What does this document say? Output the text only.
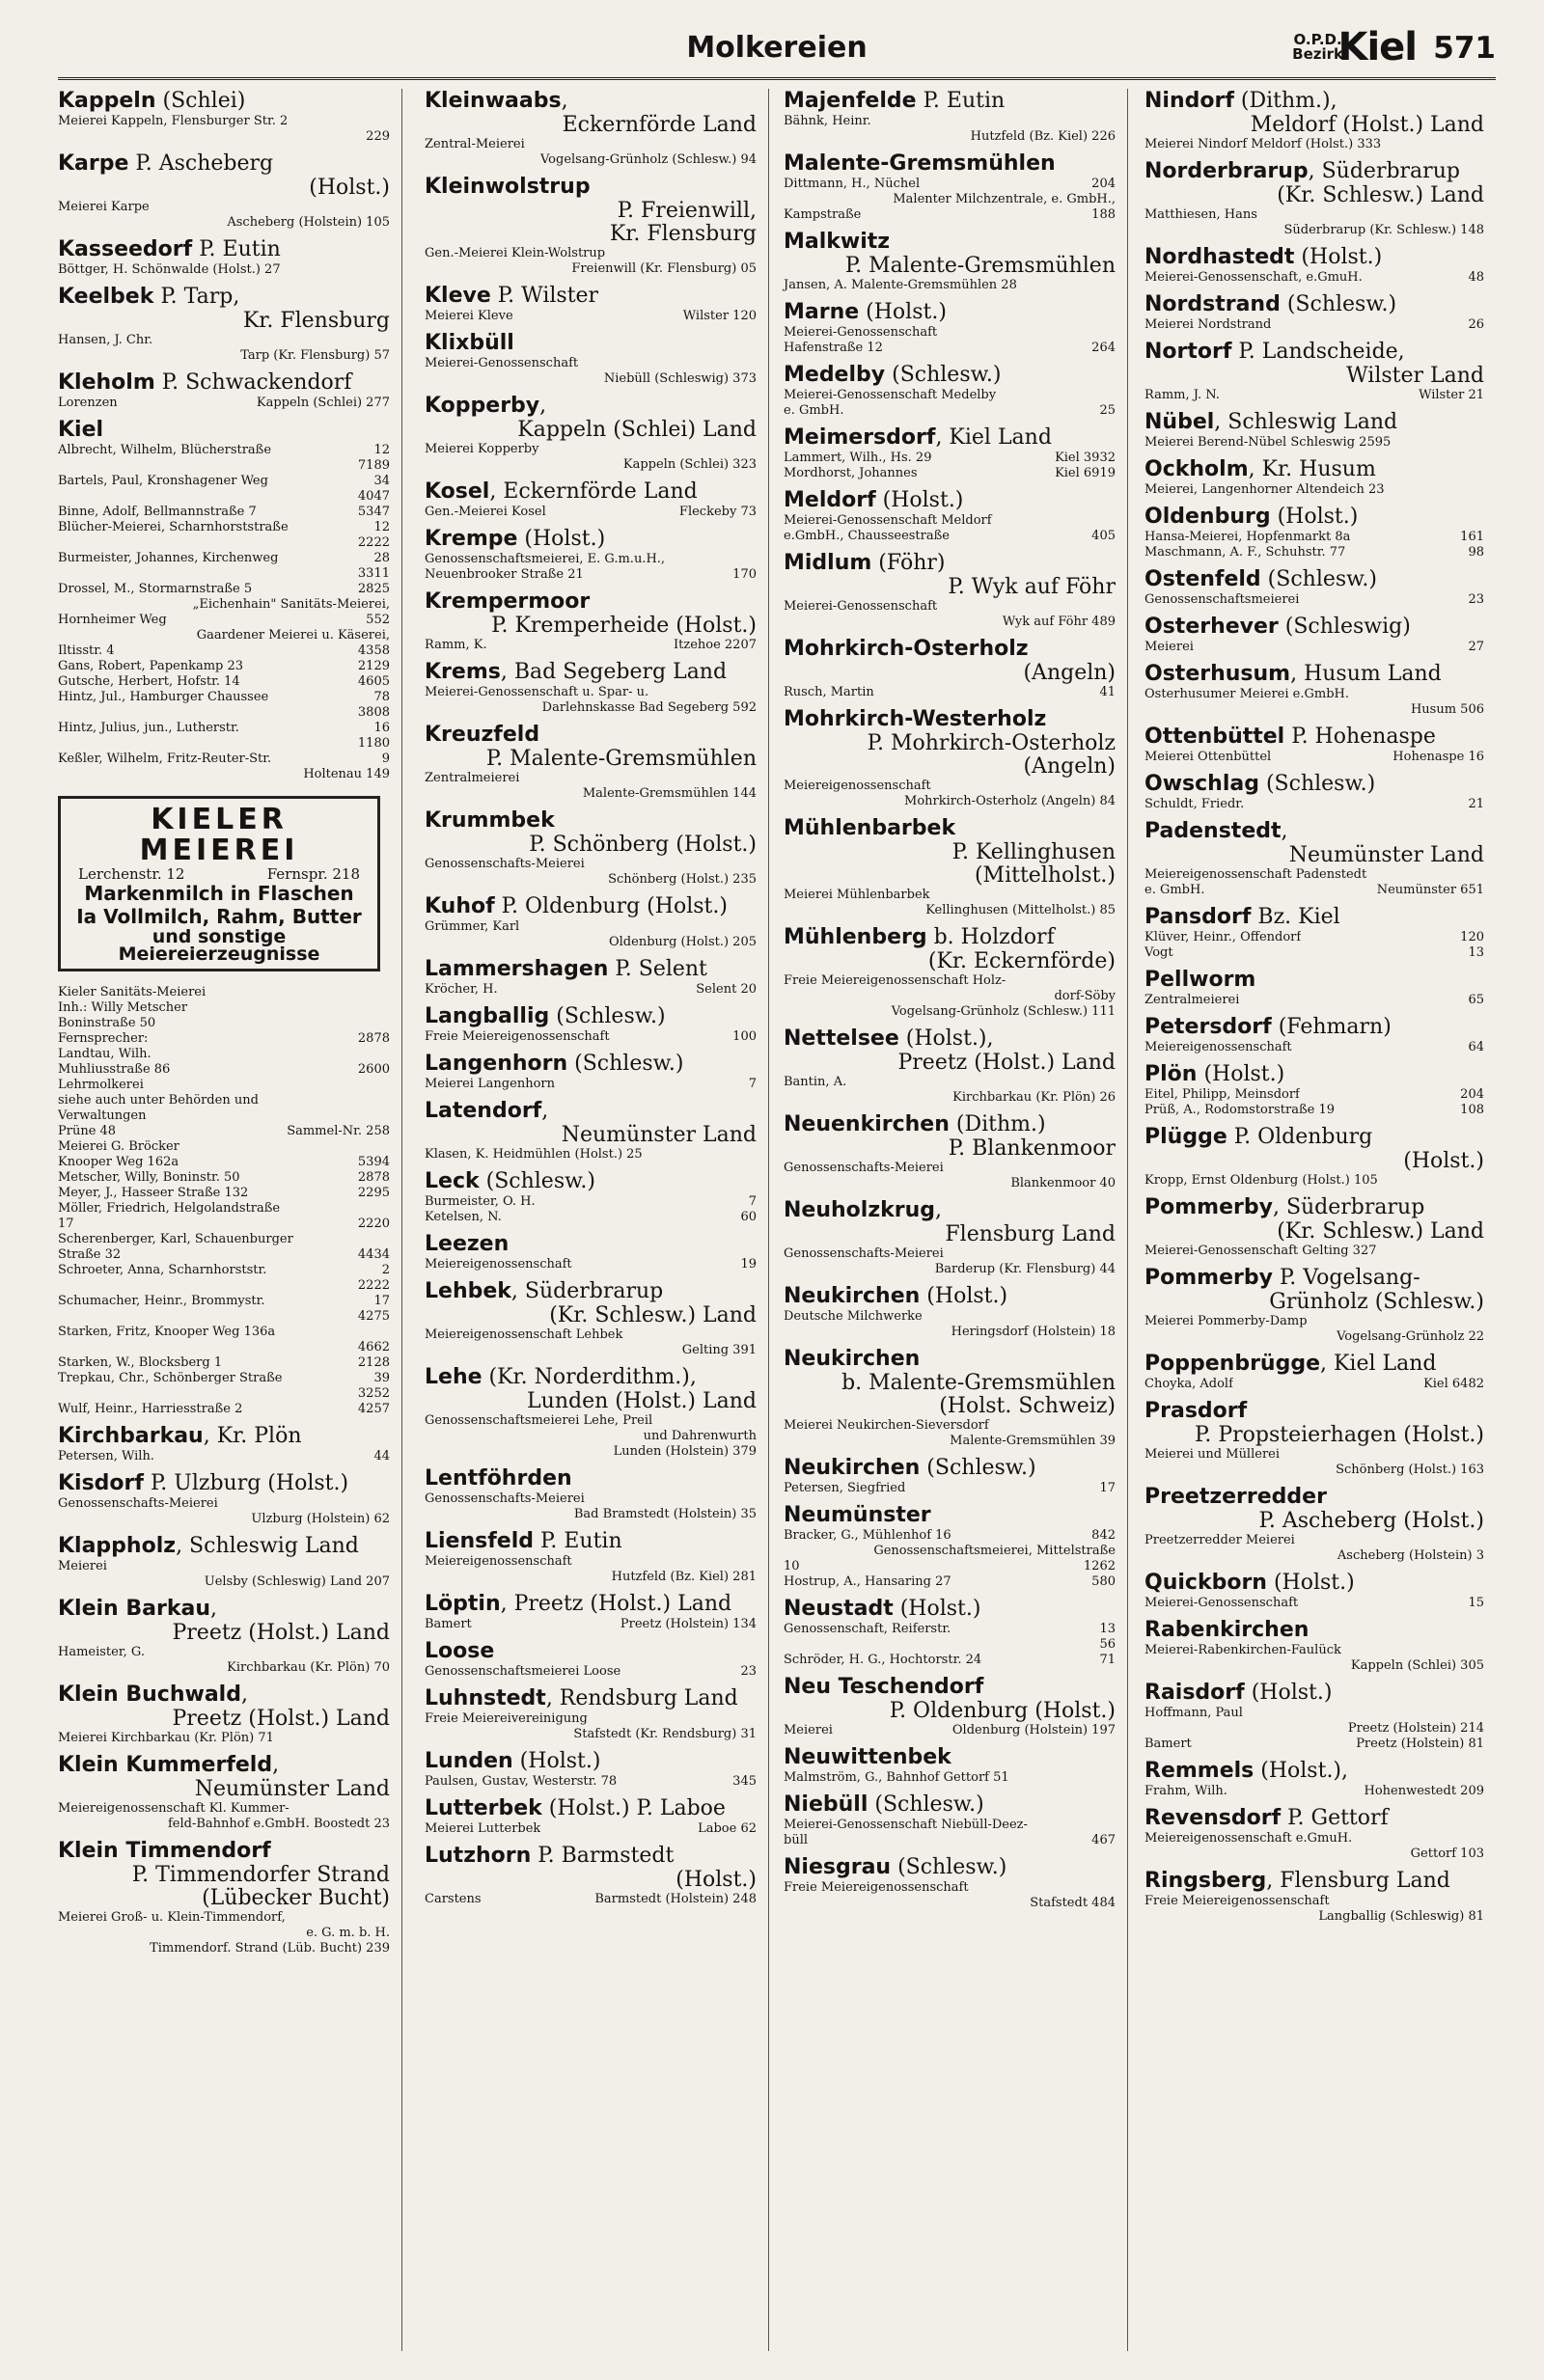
Molkereien	O.P.D.
Bezirk
Kiel 571
Kappeln (Schlei)
Meierei Kappeln, Flensburger Str. 2
229
Karpe P. Ascheberg
(Holst.)
Meierei Karpe
Ascheberg (Holstein) 105
Kasseedorf P. Eutin
Böttger, H. Schönwalde (Holst.) 27
Keelbek P. Tarp,
Kr. Flensburg
Hansen, J. Chr.
Tarp (Kr. Flensburg) 57
Kleholm P. Schwackendorf
Lorenzen	Kappeln (Schlei) 277
Kiel
Albrecht, Wilhelm, Blücherstraße	12
7189
Bartels, Paul, Kronshagener Weg	34
4047
Binne, Adolf, Bellmannstraße 7	5347
Blücher-Meierei, Scharnhorststraße	12
2222
Burmeister, Johannes, Kirchenweg	28
3311
Drossel, M., Stormarnstraße 5	2825
„Eichenhain" Sanitäts-Meierei,
Hornheimer Weg	552
Gaardener Meierei u. Käserei,
Iltisstr. 4	4358
Gans, Robert, Papenkamp 23	2129
Gutsche, Herbert, Hofstr. 14	4605
Hintz, Jul., Hamburger Chaussee	78
3808
Hintz, Julius, jun., Lutherstr.	16
1180
Keßler, Wilhelm, Fritz-Reuter-Str.	9
Holtenau 149
KIELER MEIEREI
Lerchenstr. 12	Fernspr. 218
Markenmilch in Flaschen
Ia Vollmilch, Rahm, Butter
und sonstige
Meiereierzeugnisse
Kieler Sanitäts-Meierei
Inh.: Willy Metscher
Boninstraße 50
Fernsprecher:	2878
Landtau, Wilh.
Muhliusstraße 86	2600
Lehrmolkerei
siehe auch unter Behörden und
Verwaltungen
Prüne 48	Sammel-Nr. 258
Meierei G. Bröcker
Knooper Weg 162a	5394
Metscher, Willy, Boninstr. 50	2878
Meyer, J., Hasseer Straße 132	2295
Möller, Friedrich, Helgolandstraße
17	2220
Scherenberger, Karl, Schauenburger
Straße 32	4434
Schroeter, Anna, Scharnhorststr.	2
2222
Schumacher, Heinr., Brommystr.	17
4275
Starken, Fritz, Knooper Weg 136a
4662
Starken, W., Blocksberg 1	2128
Trepkau, Chr., Schönberger Straße	39
3252
Wulf, Heinr., Harriesstraße 2	4257
Kirchbarkau, Kr. Plön
Petersen, Wilh.	44
Kisdorf P. Ulzburg (Holst.)
Genossenschafts-Meierei
Ulzburg (Holstein) 62
Klappholz, Schleswig Land
Meierei
Uelsby (Schleswig) Land 207
Klein Barkau,
Preetz (Holst.) Land
Hameister, G.
Kirchbarkau (Kr. Plön) 70
Klein Buchwald,
Preetz (Holst.) Land
Meierei Kirchbarkau (Kr. Plön) 71
Klein Kummerfeld,
Neumünster Land
Meiereigenossenschaft Kl. Kummer-
feld-Bahnhof e.GmbH. Boostedt 23
Klein Timmendorf
P. Timmendorfer Strand
(Lübecker Bucht)
Meierei Groß- u. Klein-Timmendorf,
e. G. m. b. H.
Timmendorf. Strand (Lüb. Bucht) 239
Kleinwaabs,
Eckernförde Land
Zentral-Meierei
Vogelsang-Grünholz (Schlesw.) 94
Kleinwolstrup
P. Freienwill,
Kr. Flensburg
Gen.-Meierei Klein-Wolstrup
Freienwill (Kr. Flensburg) 05
Kleve P. Wilster
Meierei Kleve	Wilster 120
Klixbüll
Meierei-Genossenschaft
Niebüll (Schleswig) 373
Kopperby,
Kappeln (Schlei) Land
Meierei Kopperby
Kappeln (Schlei) 323
Kosel, Eckernförde Land
Gen.-Meierei Kosel	Fleckeby 73
Krempe (Holst.)
Genossenschaftsmeierei, E. G.m.u.H.,
Neuenbrooker Straße 21	170
Krempermoor
P. Kremperheide (Holst.)
Ramm, K.	Itzehoe 2207
Krems, Bad Segeberg Land
Meierei-Genossenschaft u. Spar- u.
Darlehnskasse Bad Segeberg 592
Kreuzfeld
P. Malente-Gremsmühlen
Zentralmeierei
Malente-Gremsmühlen 144
Krummbek
P. Schönberg (Holst.)
Genossenschafts-Meierei
Schönberg (Holst.) 235
Kuhof P. Oldenburg (Holst.)
Grümmer, Karl
Oldenburg (Holst.) 205
Lammershagen P. Selent
Kröcher, H.	Selent 20
Langballig (Schlesw.)
Freie Meiereigenossenschaft	100
Langenhorn (Schlesw.)
Meierei Langenhorn	7
Latendorf,
Neumünster Land
Klasen, K. Heidmühlen (Holst.) 25
Leck (Schlesw.)
Burmeister, O. H.	7
Ketelsen, N.	60
Leezen
Meiereigenossenschaft	19
Lehbek, Süderbrarup
(Kr. Schlesw.) Land
Meiereigenossenschaft Lehbek
Gelting 391
Lehe (Kr. Norderdithm.),
Lunden (Holst.) Land
Genossenschaftsmeierei Lehe, Preil
und Dahrenwurth
Lunden (Holstein) 379
Lentföhrden
Genossenschafts-Meierei
Bad Bramstedt (Holstein) 35
Liensfeld P. Eutin
Meiereigenossenschaft
Hutzfeld (Bz. Kiel) 281
Löptin, Preetz (Holst.) Land
Bamert	Preetz (Holstein) 134
Loose
Genossenschaftsmeierei Loose	23
Luhnstedt, Rendsburg Land
Freie Meiereivereinigung
Stafstedt (Kr. Rendsburg) 31
Lunden (Holst.)
Paulsen, Gustav, Westerstr. 78	345
Lutterbek (Holst.) P. Laboe
Meierei Lutterbek	Laboe 62
Lutzhorn P. Barmstedt
(Holst.)
Carstens	Barmstedt (Holstein) 248
Majenfelde P. Eutin
Bähnk, Heinr.
Hutzfeld (Bz. Kiel) 226
Malente-Gremsmühlen
Dittmann, H., Nüchel	204
Malenter Milchzentrale, e. GmbH.,
Kampstraße	188
Malkwitz
P. Malente-Gremsmühlen
Jansen, A. Malente-Gremsmühlen 28
Marne (Holst.)
Meierei-Genossenschaft
Hafenstraße 12	264
Medelby (Schlesw.)
Meierei-Genossenschaft Medelby
e. GmbH.	25
Meimersdorf, Kiel Land
Lammert, Wilh., Hs. 29	Kiel 3932
Mordhorst, Johannes	Kiel 6919
Meldorf (Holst.)
Meierei-Genossenschaft Meldorf
e.GmbH., Chausseestraße	405
Midlum (Föhr)
P. Wyk auf Föhr
Meierei-Genossenschaft
Wyk auf Föhr 489
Mohrkirch-Osterholz
(Angeln)
Rusch, Martin	41
Mohrkirch-Westerholz
P. Mohrkirch-Osterholz
(Angeln)
Meiereigenossenschaft
Mohrkirch-Osterholz (Angeln) 84
Mühlenbarbek
P. Kellinghusen
(Mittelholst.)
Meierei Mühlenbarbek
Kellinghusen (Mittelholst.) 85
Mühlenberg b. Holzdorf
(Kr. Eckernförde)
Freie Meiereigenossenschaft Holz-
dorf-Söby
Vogelsang-Grünholz (Schlesw.) 111
Nettelsee (Holst.),
Preetz (Holst.) Land
Bantin, A.
Kirchbarkau (Kr. Plön) 26
Neuenkirchen (Dithm.)
P. Blankenmoor
Genossenschafts-Meierei
Blankenmoor 40
Neuholzkrug,
Flensburg Land
Genossenschafts-Meierei
Barderup (Kr. Flensburg) 44
Neukirchen (Holst.)
Deutsche Milchwerke
Heringsdorf (Holstein) 18
Neukirchen
b. Malente-Gremsmühlen
(Holst. Schweiz)
Meierei Neukirchen-Sieversdorf
Malente-Gremsmühlen 39
Neukirchen (Schlesw.)
Petersen, Siegfried	17
Neumünster
Bracker, G., Mühlenhof 16	842
Genossenschaftsmeierei, Mittelstraße
10	1262
Hostrup, A., Hansaring 27	580
Neustadt (Holst.)
Genossenschaft, Reiferstr.	13
56
Schröder, H. G., Hochtorstr. 24	71
Neu Teschendorf
P. Oldenburg (Holst.)
Meierei	Oldenburg (Holstein) 197
Neuwittenbek
Malmström, G., Bahnhof Gettorf 51
Niebüll (Schlesw.)
Meierei-Genossenschaft Niebüll-Deez-
büll	467
Niesgrau (Schlesw.)
Freie Meiereigenossenschaft
Stafstedt 484
Nindorf (Dithm.),
Meldorf (Holst.) Land
Meierei Nindorf Meldorf (Holst.) 333
Norderbrarup, Süderbrarup
(Kr. Schlesw.) Land
Matthiesen, Hans
Süderbrarup (Kr. Schlesw.) 148
Nordhastedt (Holst.)
Meierei-Genossenschaft, e.GmuH.	48
Nordstrand (Schlesw.)
Meierei Nordstrand	26
Nortorf P. Landscheide,
Wilster Land
Ramm, J. N.	Wilster 21
Nübel, Schleswig Land
Meierei Berend-Nübel Schleswig 2595
Ockholm, Kr. Husum
Meierei, Langenhorner Altendeich 23
Oldenburg (Holst.)
Hansa-Meierei, Hopfenmarkt 8a	161
Maschmann, A. F., Schuhstr. 77	98
Ostenfeld (Schlesw.)
Genossenschaftsmeierei	23
Osterhever (Schleswig)
Meierei	27
Osterhusum, Husum Land
Osterhusumer Meierei e.GmbH.
Husum 506
Ottenbüttel P. Hohenaspe
Meierei Ottenbüttel	Hohenaspe 16
Owschlag (Schlesw.)
Schuldt, Friedr.	21
Padenstedt,
Neumünster Land
Meiereigenossenschaft Padenstedt
e. GmbH.	Neumünster 651
Pansdorf Bz. Kiel
Klüver, Heinr., Offendorf	120
Vogt	13
Pellworm
Zentralmeierei	65
Petersdorf (Fehmarn)
Meiereigenossenschaft	64
Plön (Holst.)
Eitel, Philipp, Meinsdorf	204
Prüß, A., Rodomstorstraße 19	108
Plügge P. Oldenburg
(Holst.)
Kropp, Ernst Oldenburg (Holst.) 105
Pommerby, Süderbrarup
(Kr. Schlesw.) Land
Meierei-Genossenschaft Gelting 327
Pommerby P. Vogelsang-
Grünholz (Schlesw.)
Meierei Pommerby-Damp
Vogelsang-Grünholz 22
Poppenbrügge, Kiel Land
Choyka, Adolf	Kiel 6482
Prasdorf
P. Propsteierhagen (Holst.)
Meierei und Müllerei
Schönberg (Holst.) 163
Preetzerredder
P. Ascheberg (Holst.)
Preetzerredder Meierei
Ascheberg (Holstein) 3
Quickborn (Holst.)
Meierei-Genossenschaft	15
Rabenkirchen
Meierei-Rabenkirchen-Faulück
Kappeln (Schlei) 305
Raisdorf (Holst.)
Hoffmann, Paul
Preetz (Holstein) 214
Bamert	Preetz (Holstein) 81
Remmels (Holst.),
Frahm, Wilh.	Hohenwestedt 209
Revensdorf P. Gettorf
Meiereigenossenschaft e.GmuH.
Gettorf 103
Ringsberg, Flensburg Land
Freie Meiereigenossenschaft
Langballig (Schleswig) 81
